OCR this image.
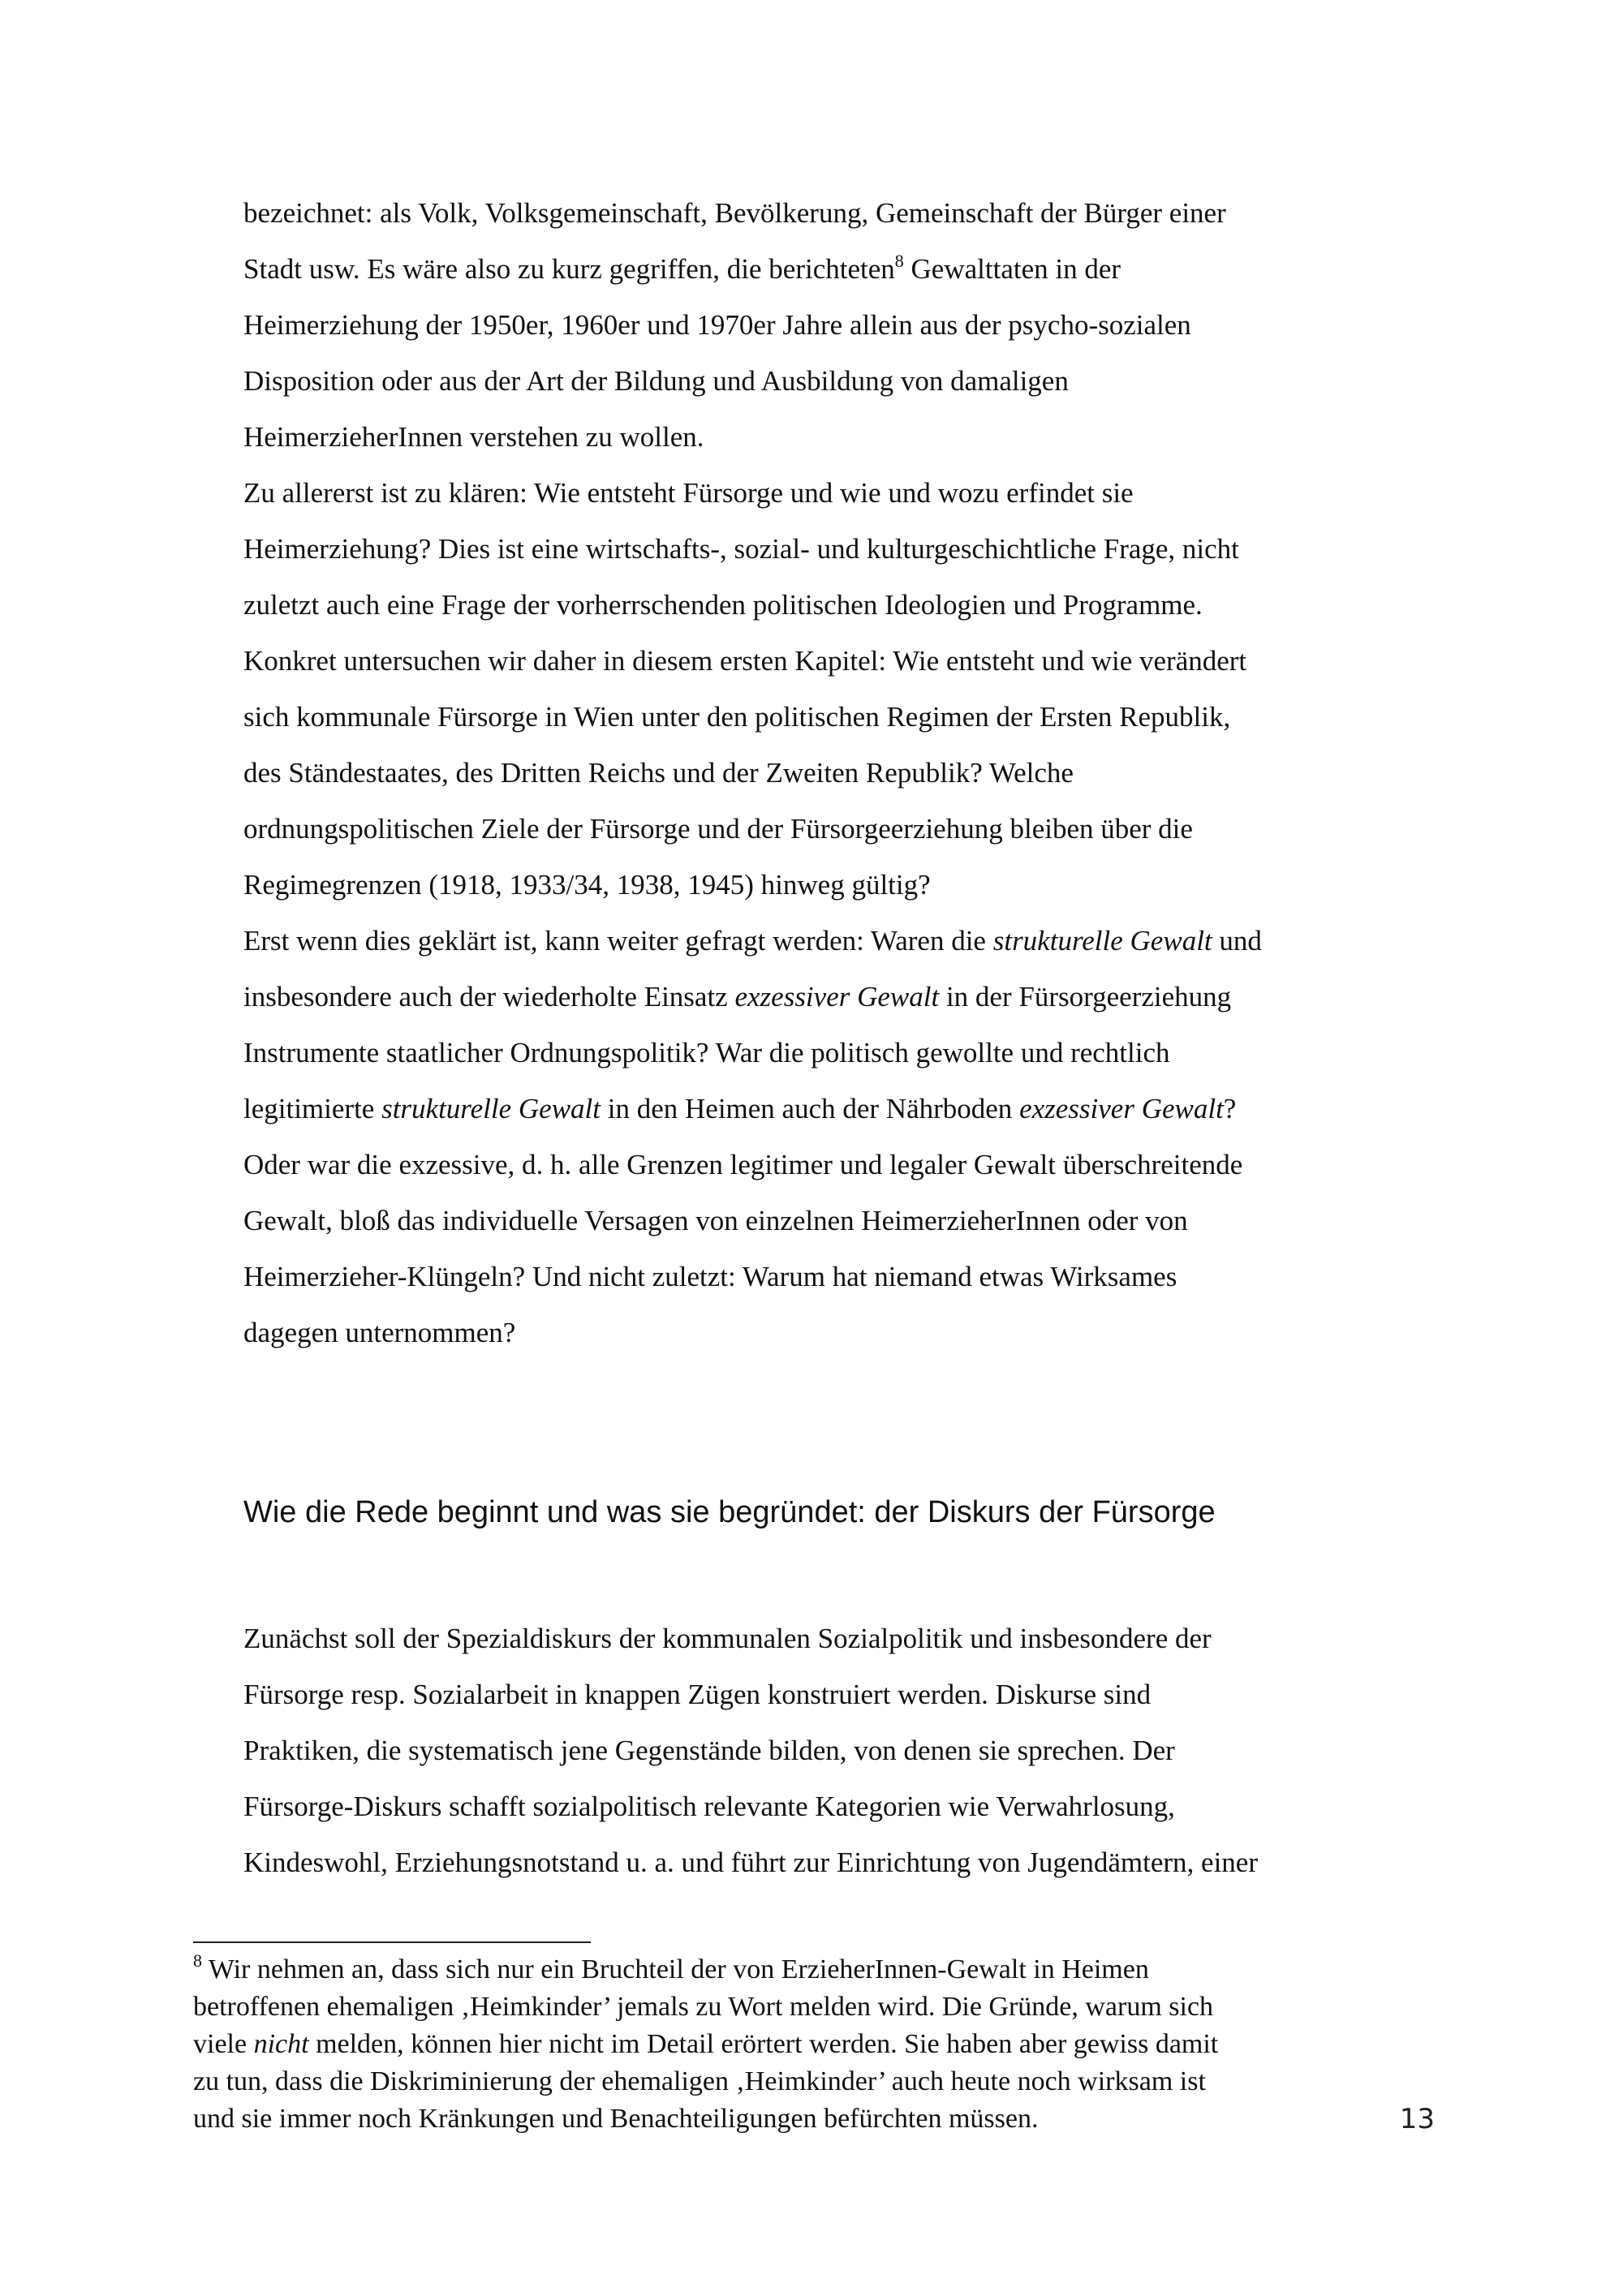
bezeichnet: als Volk, Volksgemeinschaft, Bevölkerung, Gemeinschaft der Bürger einer
Stadt usw. Es wäre also zu kurz gegriffen, die berichteten$^8$ Gewalttaten in der
Heimerziehung der 1950er, 1960er und 1970er Jahre allein aus der psycho-sozialen
Disposition oder aus der Art der Bildung und Ausbildung von damaligen
HeimerzieherInnen verstehen zu wollen.
Zu allererst ist zu klären: Wie entsteht Fürsorge und wie und wozu erfindet sie
Heimerziehung? Dies ist eine wirtschafts-, sozial- und kulturgeschichtliche Frage, nicht
zuletzt auch eine Frage der vorherrschenden politischen Ideologien und Programme.
Konkret untersuchen wir daher in diesem ersten Kapitel: Wie entsteht und wie verändert
sich kommunale Fürsorge in Wien unter den politischen Regimen der Ersten Republik,
des Ständestaates, des Dritten Reichs und der Zweiten Republik? Welche
ordnungspolitischen Ziele der Fürsorge und der Fürsorgeerziehung bleiben über die
Regimegrenzen (1918, 1933/34, 1938, 1945) hinweg gültig?
Erst wenn dies geklärt ist, kann weiter gefragt werden: Waren die strukturelle Gewalt und
insbesondere auch der wiederholte Einsatz exzessiver Gewalt in der Fürsorgeerziehung
Instrumente staatlicher Ordnungspolitik? War die politisch gewollte und rechtlich
legitimierte strukturelle Gewalt in den Heimen auch der Nährboden exzessiver Gewalt?
Oder war die exzessive, d. h. alle Grenzen legitimer und legaler Gewalt überschreitende
Gewalt, bloß das individuelle Versagen von einzelnen HeimerzieherInnen oder von
Heimerzieher-Klüngeln? Und nicht zuletzt: Warum hat niemand etwas Wirksames
dagegen unternommen?
Wie die Rede beginnt und was sie begründet: der Diskurs der Fürsorge
Zunächst soll der Spezialdiskurs der kommunalen Sozialpolitik und insbesondere der
Fürsorge resp. Sozialarbeit in knappen Zügen konstruiert werden. Diskurse sind
Praktiken, die systematisch jene Gegenstände bilden, von denen sie sprechen. Der
Fürsorge-Diskurs schafft sozialpolitisch relevante Kategorien wie Verwahrlosung,
Kindeswohl, Erziehungsnotstand u. a. und führt zur Einrichtung von Jugendämtern, einer
$^8$ Wir nehmen an, dass sich nur ein Bruchteil der von ErzieherInnen-Gewalt in Heimen
betroffenen ehemaligen ‚Heimkinder’ jemals zu Wort melden wird. Die Gründe, warum sich
viele nicht melden, können hier nicht im Detail erörtert werden. Sie haben aber gewiss damit
zu tun, dass die Diskriminierung der ehemaligen ‚Heimkinder’ auch heute noch wirksam ist
und sie immer noch Kränkungen und Benachteiligungen befürchten müssen.	13
